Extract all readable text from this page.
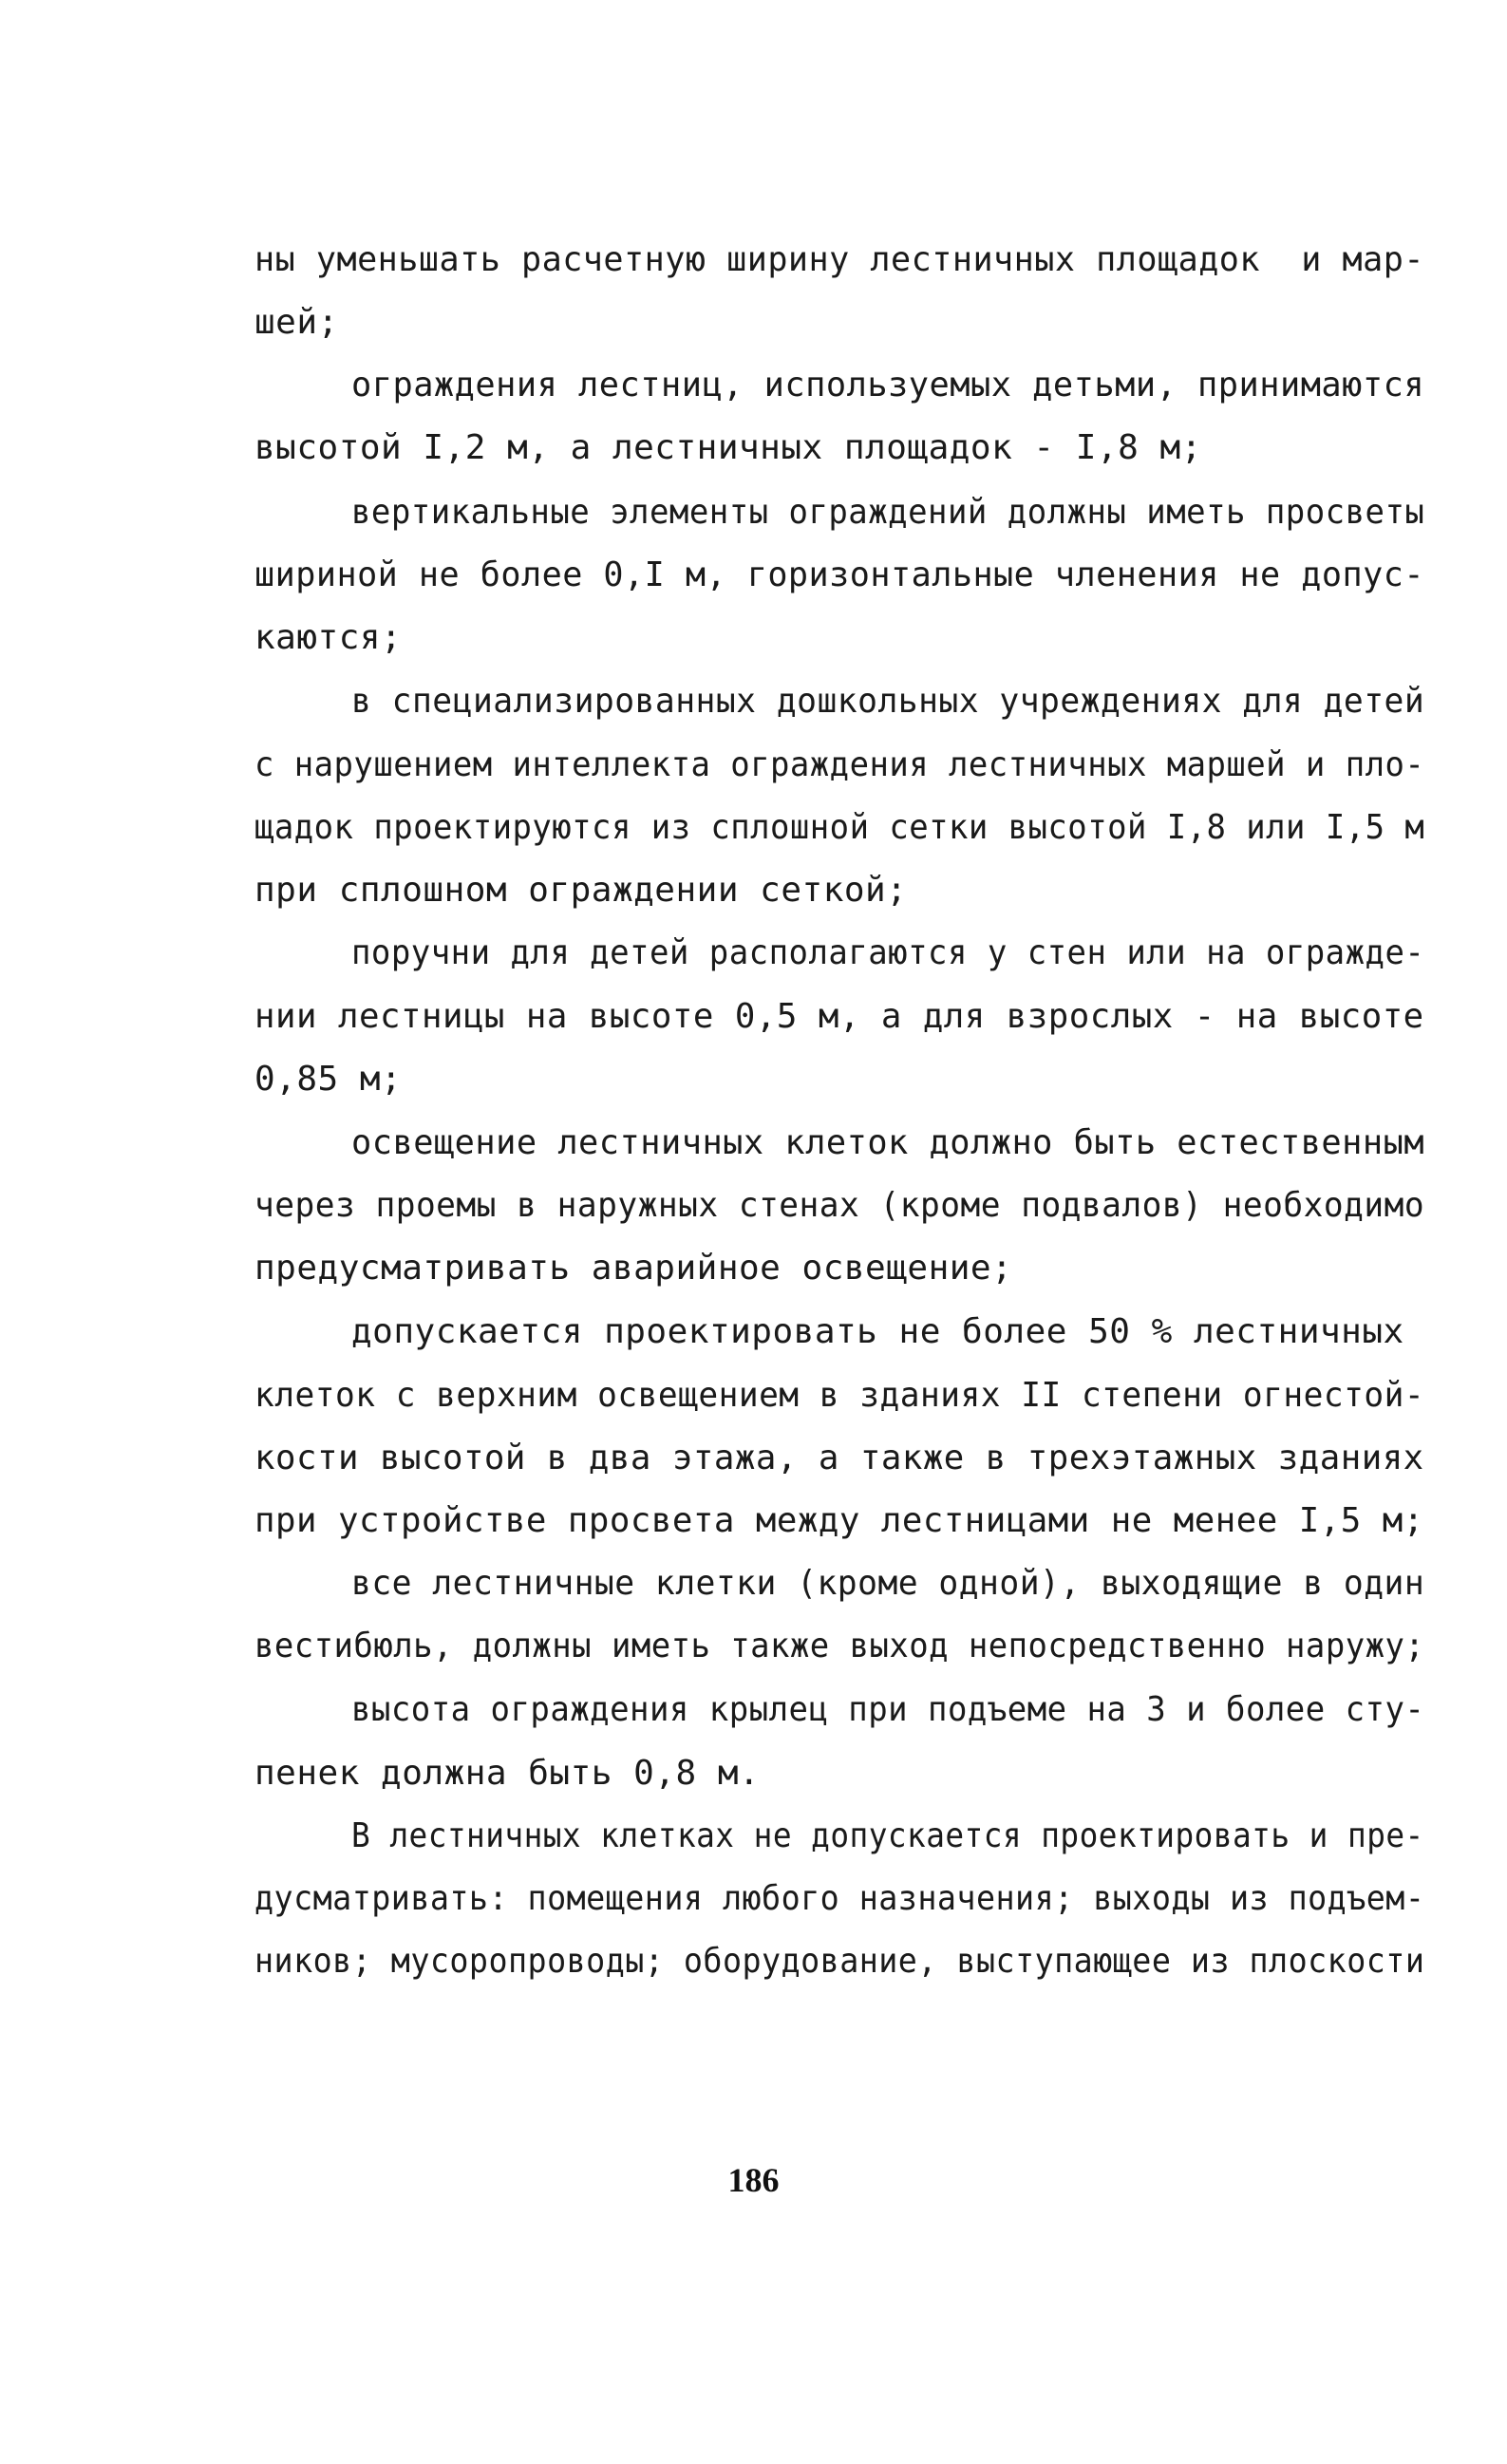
ны уменьшать расчетную ширину лестничных площадок  и мар-
шей;
ограждения лестниц, используемых детьми, принимаются
высотой I,2 м, а лестничных площадок - I,8 м;
вертикальные элементы ограждений должны иметь просветы
шириной не более 0,I м, горизонтальные членения не допус-
каются;
в специализированных дошкольных учреждениях для детей
с нарушением интеллекта ограждения лестничных маршей и пло-
щадок проектируются из сплошной сетки высотой I,8 или I,5 м
при сплошном ограждении сеткой;
поручни для детей располагаются у стен или на огражде-
нии лестницы на высоте 0,5 м, а для взрослых - на высоте
0,85 м;
освещение лестничных клеток должно быть естественным
через проемы в наружных стенах (кроме подвалов) необходимо
предусматривать аварийное освещение;
допускается проектировать не более 50 % лестничных
клеток с верхним освещением в зданиях II степени огнестой-
кости высотой в два этажа, а также в трехэтажных зданиях
при устройстве просвета между лестницами не менее I,5 м;
все лестничные клетки (кроме одной), выходящие в один
вестибюль, должны иметь также выход непосредственно наружу;
высота ограждения крылец при подъеме на 3 и более сту-
пенек должна быть 0,8 м.
В лестничных клетках не допускается проектировать и пре-
дусматривать: помещения любого назначения; выходы из подъем-
ников; мусоропроводы; оборудование, выступающее из плоскости
186
